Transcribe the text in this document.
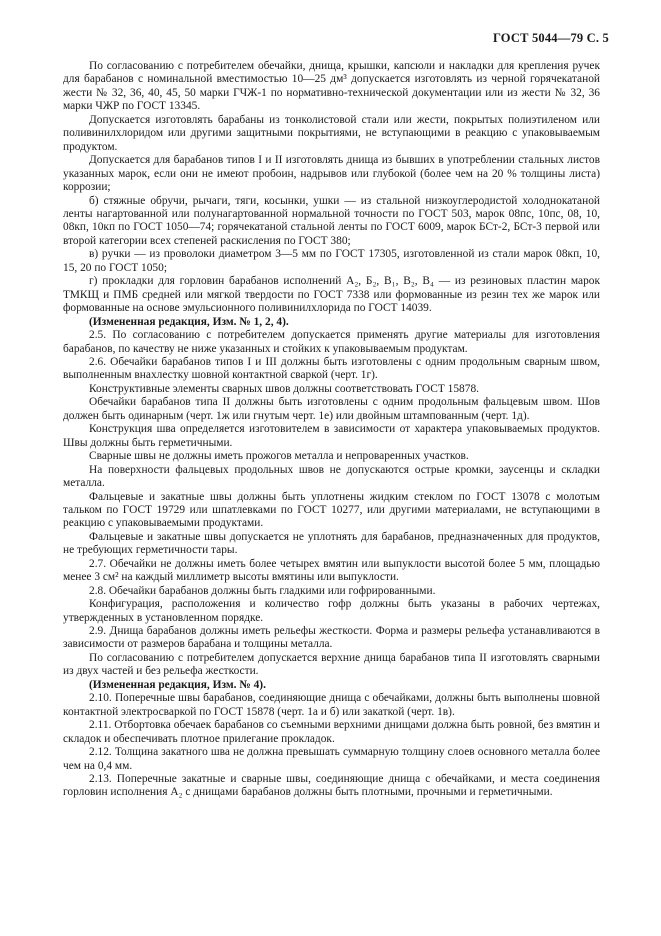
ГОСТ 5044—79 С. 5

По согласованию с потребителем обечайки, днища, крышки, капсюли и накладки для крепления ручек для барабанов с номинальной вместимостью 10—25 дм³ допускается изготовлять из черной горячекатаной жести № 32, 36, 40, 45, 50 марки ГЧЖ-1 по нормативно-технической документации или из жести № 32, 36 марки ЧЖР по ГОСТ 13345.

Допускается изготовлять барабаны из тонколистовой стали или жести, покрытых полиэтиленом или поливинилхлоридом или другими защитными покрытиями, не вступающими в реакцию с упаковываемым продуктом.

Допускается для барабанов типов I и II изготовлять днища из бывших в употреблении стальных листов указанных марок, если они не имеют пробоин, надрывов или глубокой (более чем на 20 % толщины листа) коррозии;

б) стяжные обручи, рычаги, тяги, косынки, ушки — из стальной низкоуглеродистой холоднокатаной ленты нагартованной или полунагартованной нормальной точности по ГОСТ 503, марок 08пс, 10пс, 08, 10, 08кп, 10кп по ГОСТ 1050—74; горячекатаной стальной ленты по ГОСТ 6009, марок БСт-2, БСт-3 первой или второй категории всех степеней раскисления по ГОСТ 380;

в) ручки — из проволоки диаметром 3—5 мм по ГОСТ 17305, изготовленной из стали марок 08кп, 10, 15, 20 по ГОСТ 1050;

г) прокладки для горловин барабанов исполнений А₂, Б₂, В₁, В₂, В₄ — из резиновых пластин марок ТМКЩ и ПМБ средней или мягкой твердости по ГОСТ 7338 или формованные из резин тех же марок или формованные на основе эмульсионного поливинилхлорида по ГОСТ 14039.

(Измененная редакция, Изм. № 1, 2, 4).

2.5. По согласованию с потребителем допускается применять другие материалы для изготовления барабанов, по качеству не ниже указанных и стойких к упаковываемым продуктам.

2.6. Обечайки барабанов типов I и III должны быть изготовлены с одним продольным сварным швом, выполненным внахлестку шовной контактной сваркой (черт. 1г).

Конструктивные элементы сварных швов должны соответствовать ГОСТ 15878.

Обечайки барабанов типа II должны быть изготовлены с одним продольным фальцевым швом. Шов должен быть одинарным (черт. 1ж или гнутым черт. 1е) или двойным штампованным (черт. 1д).

Конструкция шва определяется изготовителем в зависимости от характера упаковываемых продуктов. Швы должны быть герметичными.

Сварные швы не должны иметь прожогов металла и непроваренных участков.

На поверхности фальцевых продольных швов не допускаются острые кромки, заусенцы и складки металла.

Фальцевые и закатные швы должны быть уплотнены жидким стеклом по ГОСТ 13078 с молотым тальком по ГОСТ 19729 или шпатлевками по ГОСТ 10277, или другими материалами, не вступающими в реакцию с упаковываемыми продуктами.

Фальцевые и закатные швы допускается не уплотнять для барабанов, предназначенных для продуктов, не требующих герметичности тары.

2.7. Обечайки не должны иметь более четырех вмятин или выпуклости высотой более 5 мм, площадью менее 3 см² на каждый миллиметр высоты вмятины или выпуклости.

2.8. Обечайки барабанов должны быть гладкими или гофрированными.

Конфигурация, расположения и количество гофр должны быть указаны в рабочих чертежах, утвержденных в установленном порядке.

2.9. Днища барабанов должны иметь рельефы жесткости. Форма и размеры рельефа устанавливаются в зависимости от размеров барабана и толщины металла.

По согласованию с потребителем допускается верхние днища барабанов типа II изготовлять сварными из двух частей и без рельефа жесткости.

(Измененная редакция, Изм. № 4).

2.10. Поперечные швы барабанов, соединяющие днища с обечайками, должны быть выполнены шовной контактной электросваркой по ГОСТ 15878 (черт. 1а и б) или закаткой (черт. 1в).

2.11. Отбортовка обечаек барабанов со съемными верхними днищами должна быть ровной, без вмятин и складок и обеспечивать плотное прилегание прокладок.

2.12. Толщина закатного шва не должна превышать суммарную толщину слоев основного металла более чем на 0,4 мм.

2.13. Поперечные закатные и сварные швы, соединяющие днища с обечайками, и места соединения горловин исполнения А₂ с днищами барабанов должны быть плотными, прочными и герметичными.
